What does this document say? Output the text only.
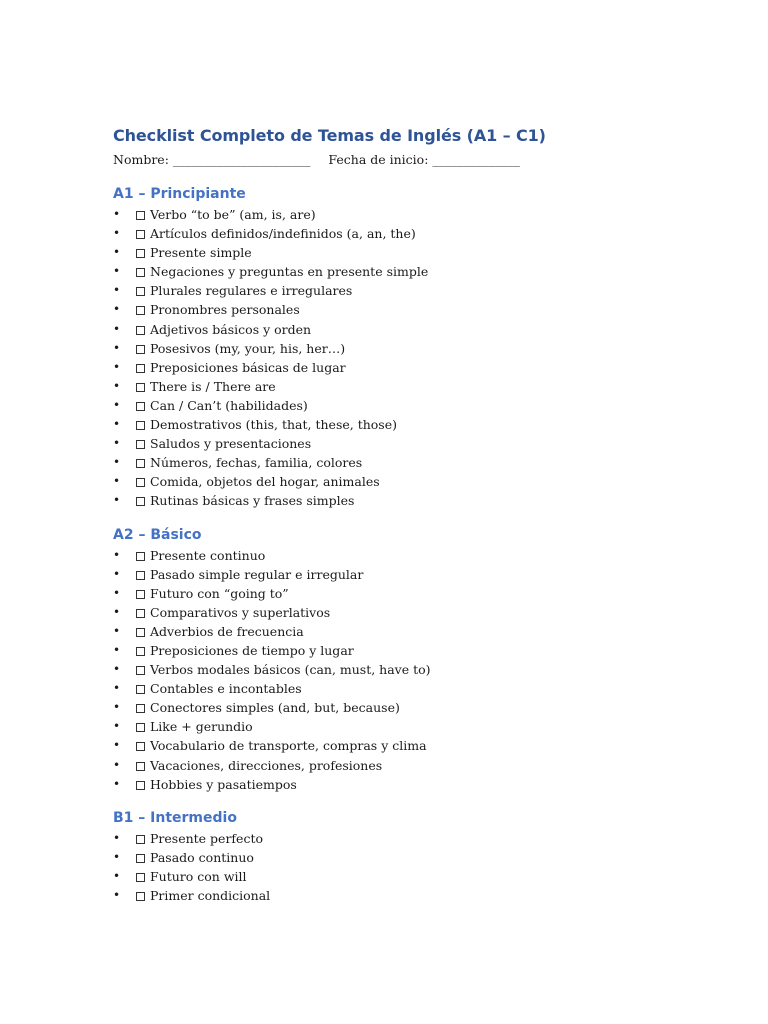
Checklist Completo de Temas de Inglés (A1 – C1)
Nombre: ______________________ Fecha de inicio: ______________
A1 – Principiante
• Verbo “to be” (am, is, are)
• Artículos definidos/indefinidos (a, an, the)
• Presente simple
• Negaciones y preguntas en presente simple
• Plurales regulares e irregulares
• Pronombres personales
• Adjetivos básicos y orden
• Posesivos (my, your, his, her…)
• Preposiciones básicas de lugar
• There is / There are
• Can / Can’t (habilidades)
• Demostrativos (this, that, these, those)
• Saludos y presentaciones
• Números, fechas, familia, colores
• Comida, objetos del hogar, animales
• Rutinas básicas y frases simples
A2 – Básico
• Presente continuo
• Pasado simple regular e irregular
• Futuro con “going to”
• Comparativos y superlativos
• Adverbios de frecuencia
• Preposiciones de tiempo y lugar
• Verbos modales básicos (can, must, have to)
• Contables e incontables
• Conectores simples (and, but, because)
• Like + gerundio
• Vocabulario de transporte, compras y clima
• Vacaciones, direcciones, profesiones
• Hobbies y pasatiempos
B1 – Intermedio
• Presente perfecto
• Pasado continuo
• Futuro con will
• Primer condicional
